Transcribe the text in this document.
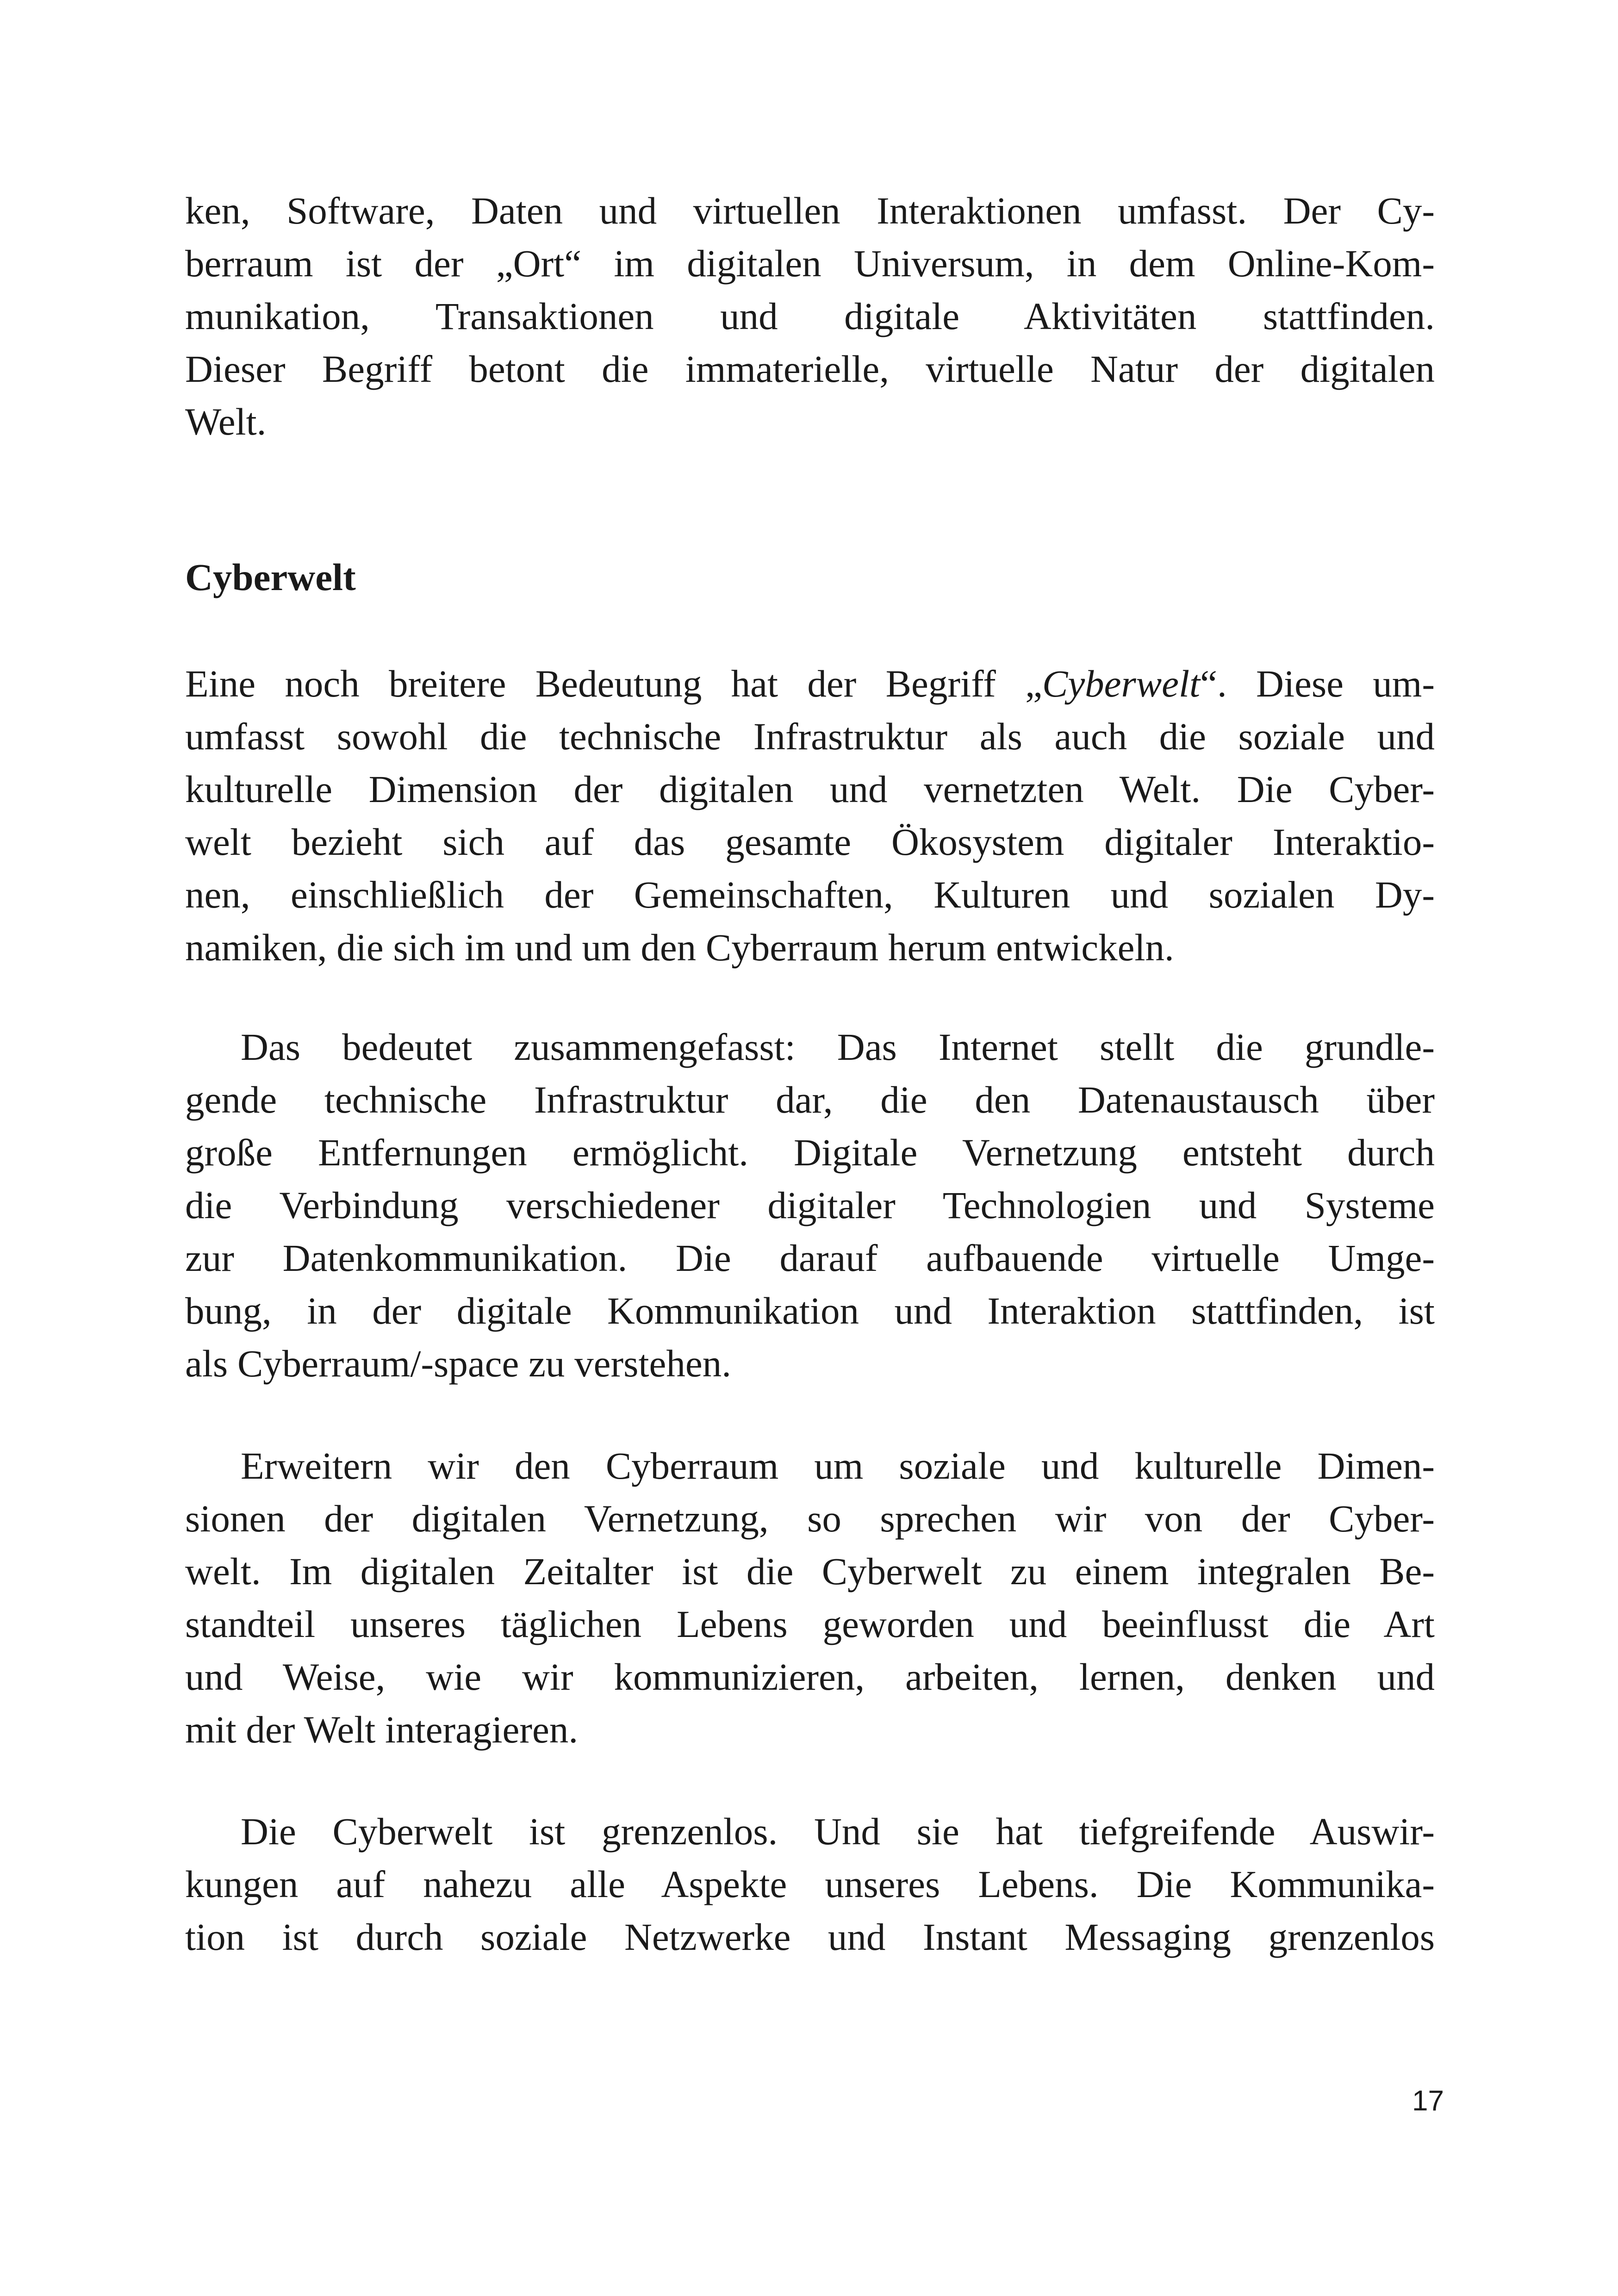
ken, Software, Daten und virtuellen Interaktionen umfasst. Der Cy-
berraum ist der „Ort“ im digitalen Universum, in dem Online-Kom-
munikation, Transaktionen und digitale Aktivitäten stattfinden.
Dieser Begriff betont die immaterielle, virtuelle Natur der digitalen
Welt.
Cyberwelt
Eine noch breitere Bedeutung hat der Begriff „Cyberwelt“. Diese um-
umfasst sowohl die technische Infrastruktur als auch die soziale und
kulturelle Dimension der digitalen und vernetzten Welt. Die Cyber-
welt bezieht sich auf das gesamte Ökosystem digitaler Interaktio-
nen, einschließlich der Gemeinschaften, Kulturen und sozialen Dy-
namiken, die sich im und um den Cyberraum herum entwickeln.
Das bedeutet zusammengefasst: Das Internet stellt die grundle-
gende technische Infrastruktur dar, die den Datenaustausch über
große Entfernungen ermöglicht. Digitale Vernetzung entsteht durch
die Verbindung verschiedener digitaler Technologien und Systeme
zur Datenkommunikation. Die darauf aufbauende virtuelle Umge-
bung, in der digitale Kommunikation und Interaktion stattfinden, ist
als Cyberraum/-space zu verstehen.
Erweitern wir den Cyberraum um soziale und kulturelle Dimen-
sionen der digitalen Vernetzung, so sprechen wir von der Cyber-
welt. Im digitalen Zeitalter ist die Cyberwelt zu einem integralen Be-
standteil unseres täglichen Lebens geworden und beeinflusst die Art
und Weise, wie wir kommunizieren, arbeiten, lernen, denken und
mit der Welt interagieren.
Die Cyberwelt ist grenzenlos. Und sie hat tiefgreifende Auswir-
kungen auf nahezu alle Aspekte unseres Lebens. Die Kommunika-
tion ist durch soziale Netzwerke und Instant Messaging grenzenlos
17
